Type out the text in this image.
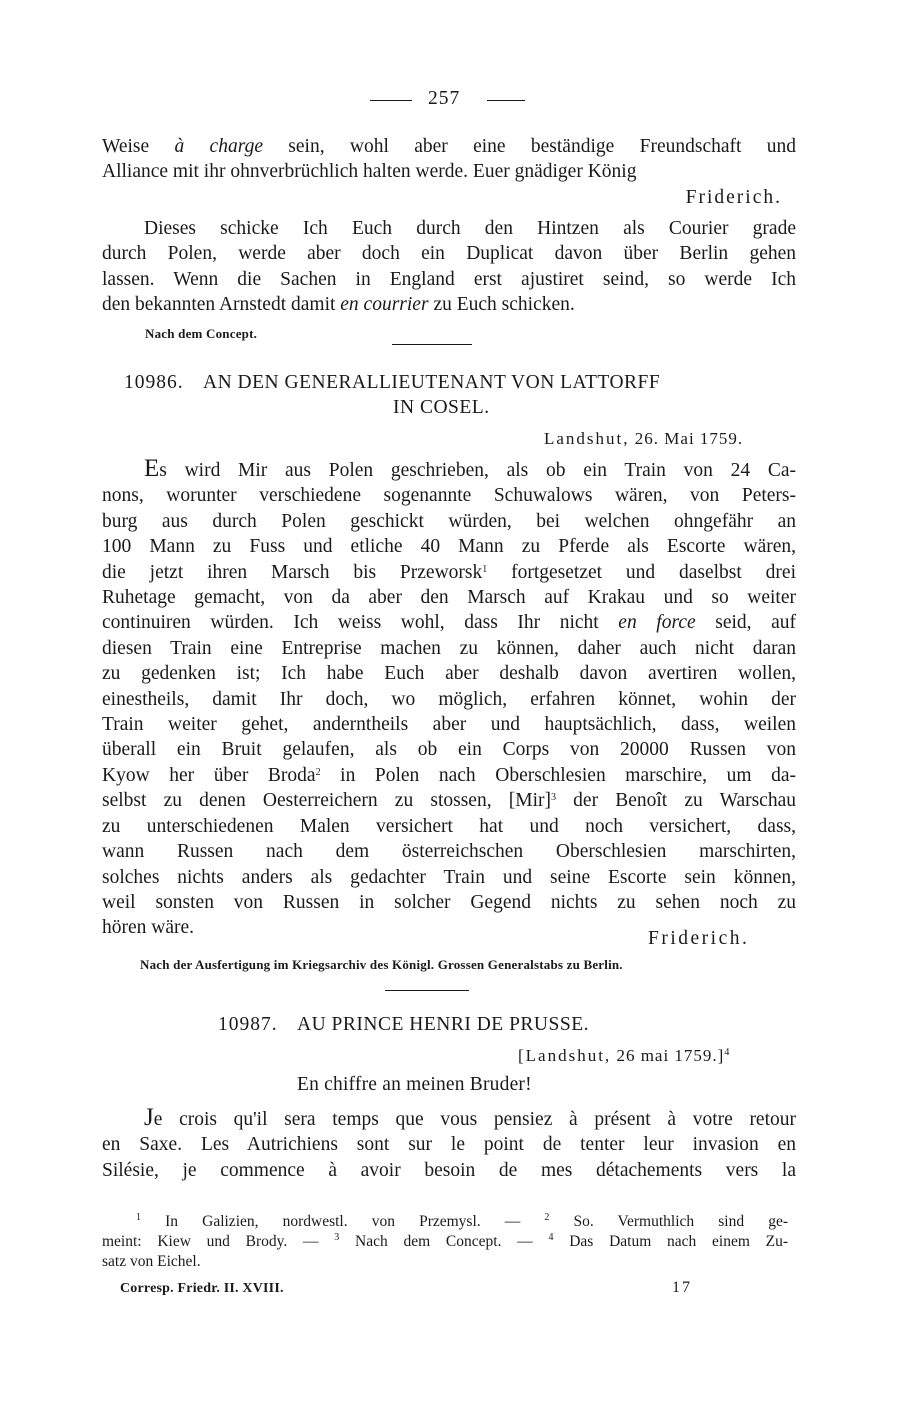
257

Weise à charge sein, wohl aber eine beständige Freundschaft und

Alliance mit ihr ohnverbrüchlich halten werde. Euer gnädiger König

Friderich.

Dieses schicke Ich Euch durch den Hintzen als Courier grade

durch Polen, werde aber doch ein Duplicat davon über Berlin gehen

lassen. Wenn die Sachen in England erst ajustiret seind, so werde Ich

den bekannten Arnstedt damit en courrier zu Euch schicken.

Nach dem Concept.
10986. AN DEN GENERALLIEUTENANT VON LATTORFF
IN COSEL.
Landshut, 26. Mai 1759.

Es wird Mir aus Polen geschrieben, als ob ein Train von 24 Ca-

nons, worunter verschiedene sogenannte Schuwalows wären, von Peters-

burg aus durch Polen geschickt würden, bei welchen ohngefähr an

100 Mann zu Fuss und etliche 40 Mann zu Pferde als Escorte wären,

die jetzt ihren Marsch bis Przeworsk$^1$ fortgesetzet und daselbst drei

Ruhetage gemacht, von da aber den Marsch auf Krakau und so weiter

continuiren würden. Ich weiss wohl, dass Ihr nicht en force seid, auf

diesen Train eine Entreprise machen zu können, daher auch nicht daran

zu gedenken ist; Ich habe Euch aber deshalb davon avertiren wollen,

einestheils, damit Ihr doch, wo möglich, erfahren könnet, wohin der

Train weiter gehet, anderntheils aber und hauptsächlich, dass, weilen

überall ein Bruit gelaufen, als ob ein Corps von 20000 Russen von

Kyow her über Broda$^2$ in Polen nach Oberschlesien marschire, um da-

selbst zu denen Oesterreichern zu stossen, [Mir]$^3$ der Benoît zu Warschau

zu unterschiedenen Malen versichert hat und noch versichert, dass,

wann Russen nach dem österreichschen Oberschlesien marschirten,

solches nichts anders als gedachter Train und seine Escorte sein können,

weil sonsten von Russen in solcher Gegend nichts zu sehen noch zu

hören wäre.

Friderich.
Nach der Ausfertigung im Kriegsarchiv des Königl. Grossen Generalstabs zu Berlin.
10987. AU PRINCE HENRI DE PRUSSE.
[Landshut, 26 mai 1759.]$^4$
En chiffre an meinen Bruder!

Je crois qu'il sera temps que vous pensiez à présent à votre retour

en Saxe. Les Autrichiens sont sur le point de tenter leur invasion en

Silésie, je commence à avoir besoin de mes détachements vers la

$^1$ In Galizien, nordwestl. von Przemysl. — $^2$ So. Vermuthlich sind ge-

meint: Kiew und Brody. — $^3$ Nach dem Concept. — $^4$ Das Datum nach einem Zu-

satz von Eichel.

Corresp. Friedr. II. XVIII.	17
